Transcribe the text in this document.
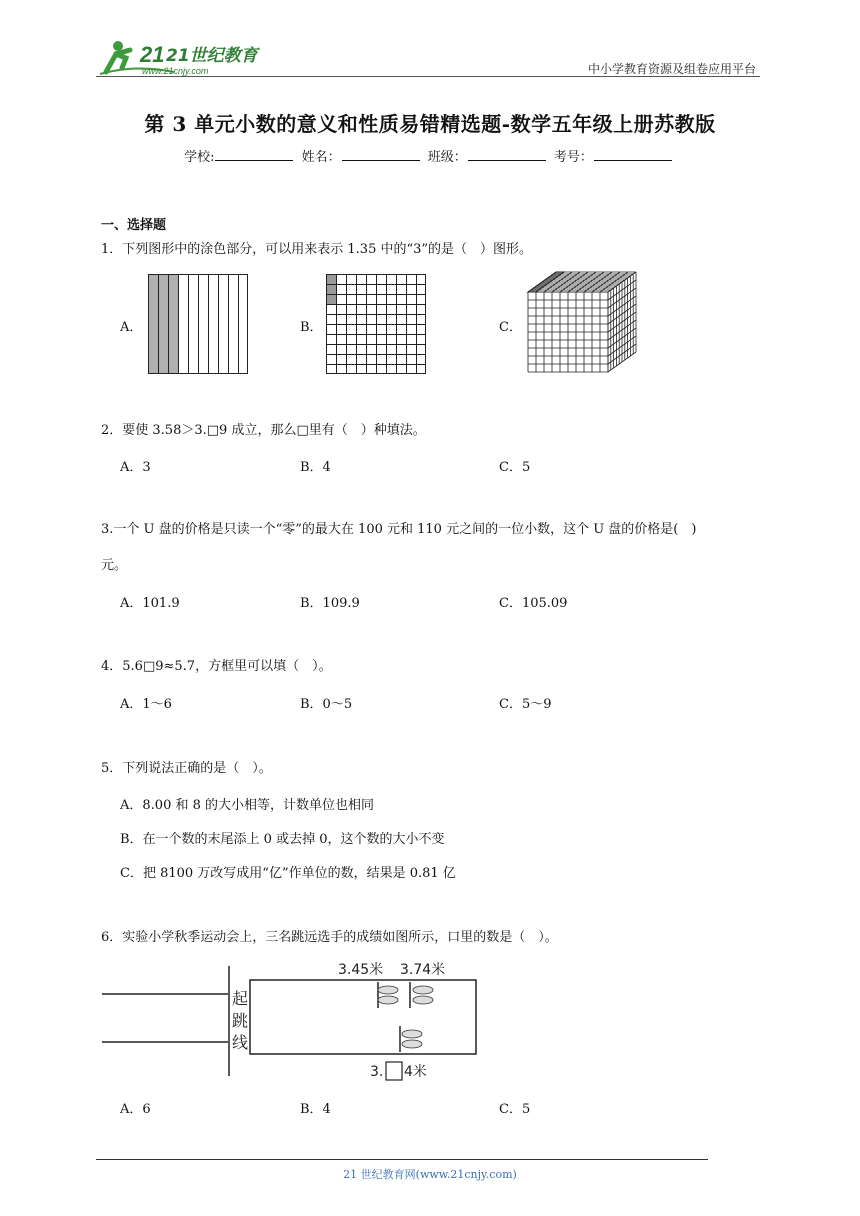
21 21世纪教育
www.21cnjy.com	中小学教育资源及组卷应用平台
第 3 单元小数的意义和性质易错精选题-数学五年级上册苏教版
学校:	姓名：	班级：	考号：
一、选择题
1．下列图形中的涂色部分，可以用来表示 1.35 中的“3”的是（　）图形。
A．	B．	C．
2．要使 3.58＞3.□9 成立，那么□里有（　）种填法。
A．3	B．4	C．5
3.一个 U 盘的价格是只读一个“零”的最大在 100 元和 110 元之间的一位小数，这个 U 盘的价格是(　)
元。
A．101.9	B．109.9	C．105.09
4．5.6□9≈5.7，方框里可以填（　）。
A．1～6	B．0～5	C．5～9
5．下列说法正确的是（　）。
A．8.00 和 8 的大小相等，计数单位也相同
B．在一个数的末尾添上 0 或去掉 0，这个数的大小不变
C．把 8100 万改写成用“亿”作单位的数，结果是 0.81 亿
6．实验小学秋季运动会上，三名跳远选手的成绩如图所示，口里的数是（　）。
3.45米 3.74米
3. 4米
起跳线
A．6	B．4	C．5
21 世纪教育网(www.21cnjy.com)
